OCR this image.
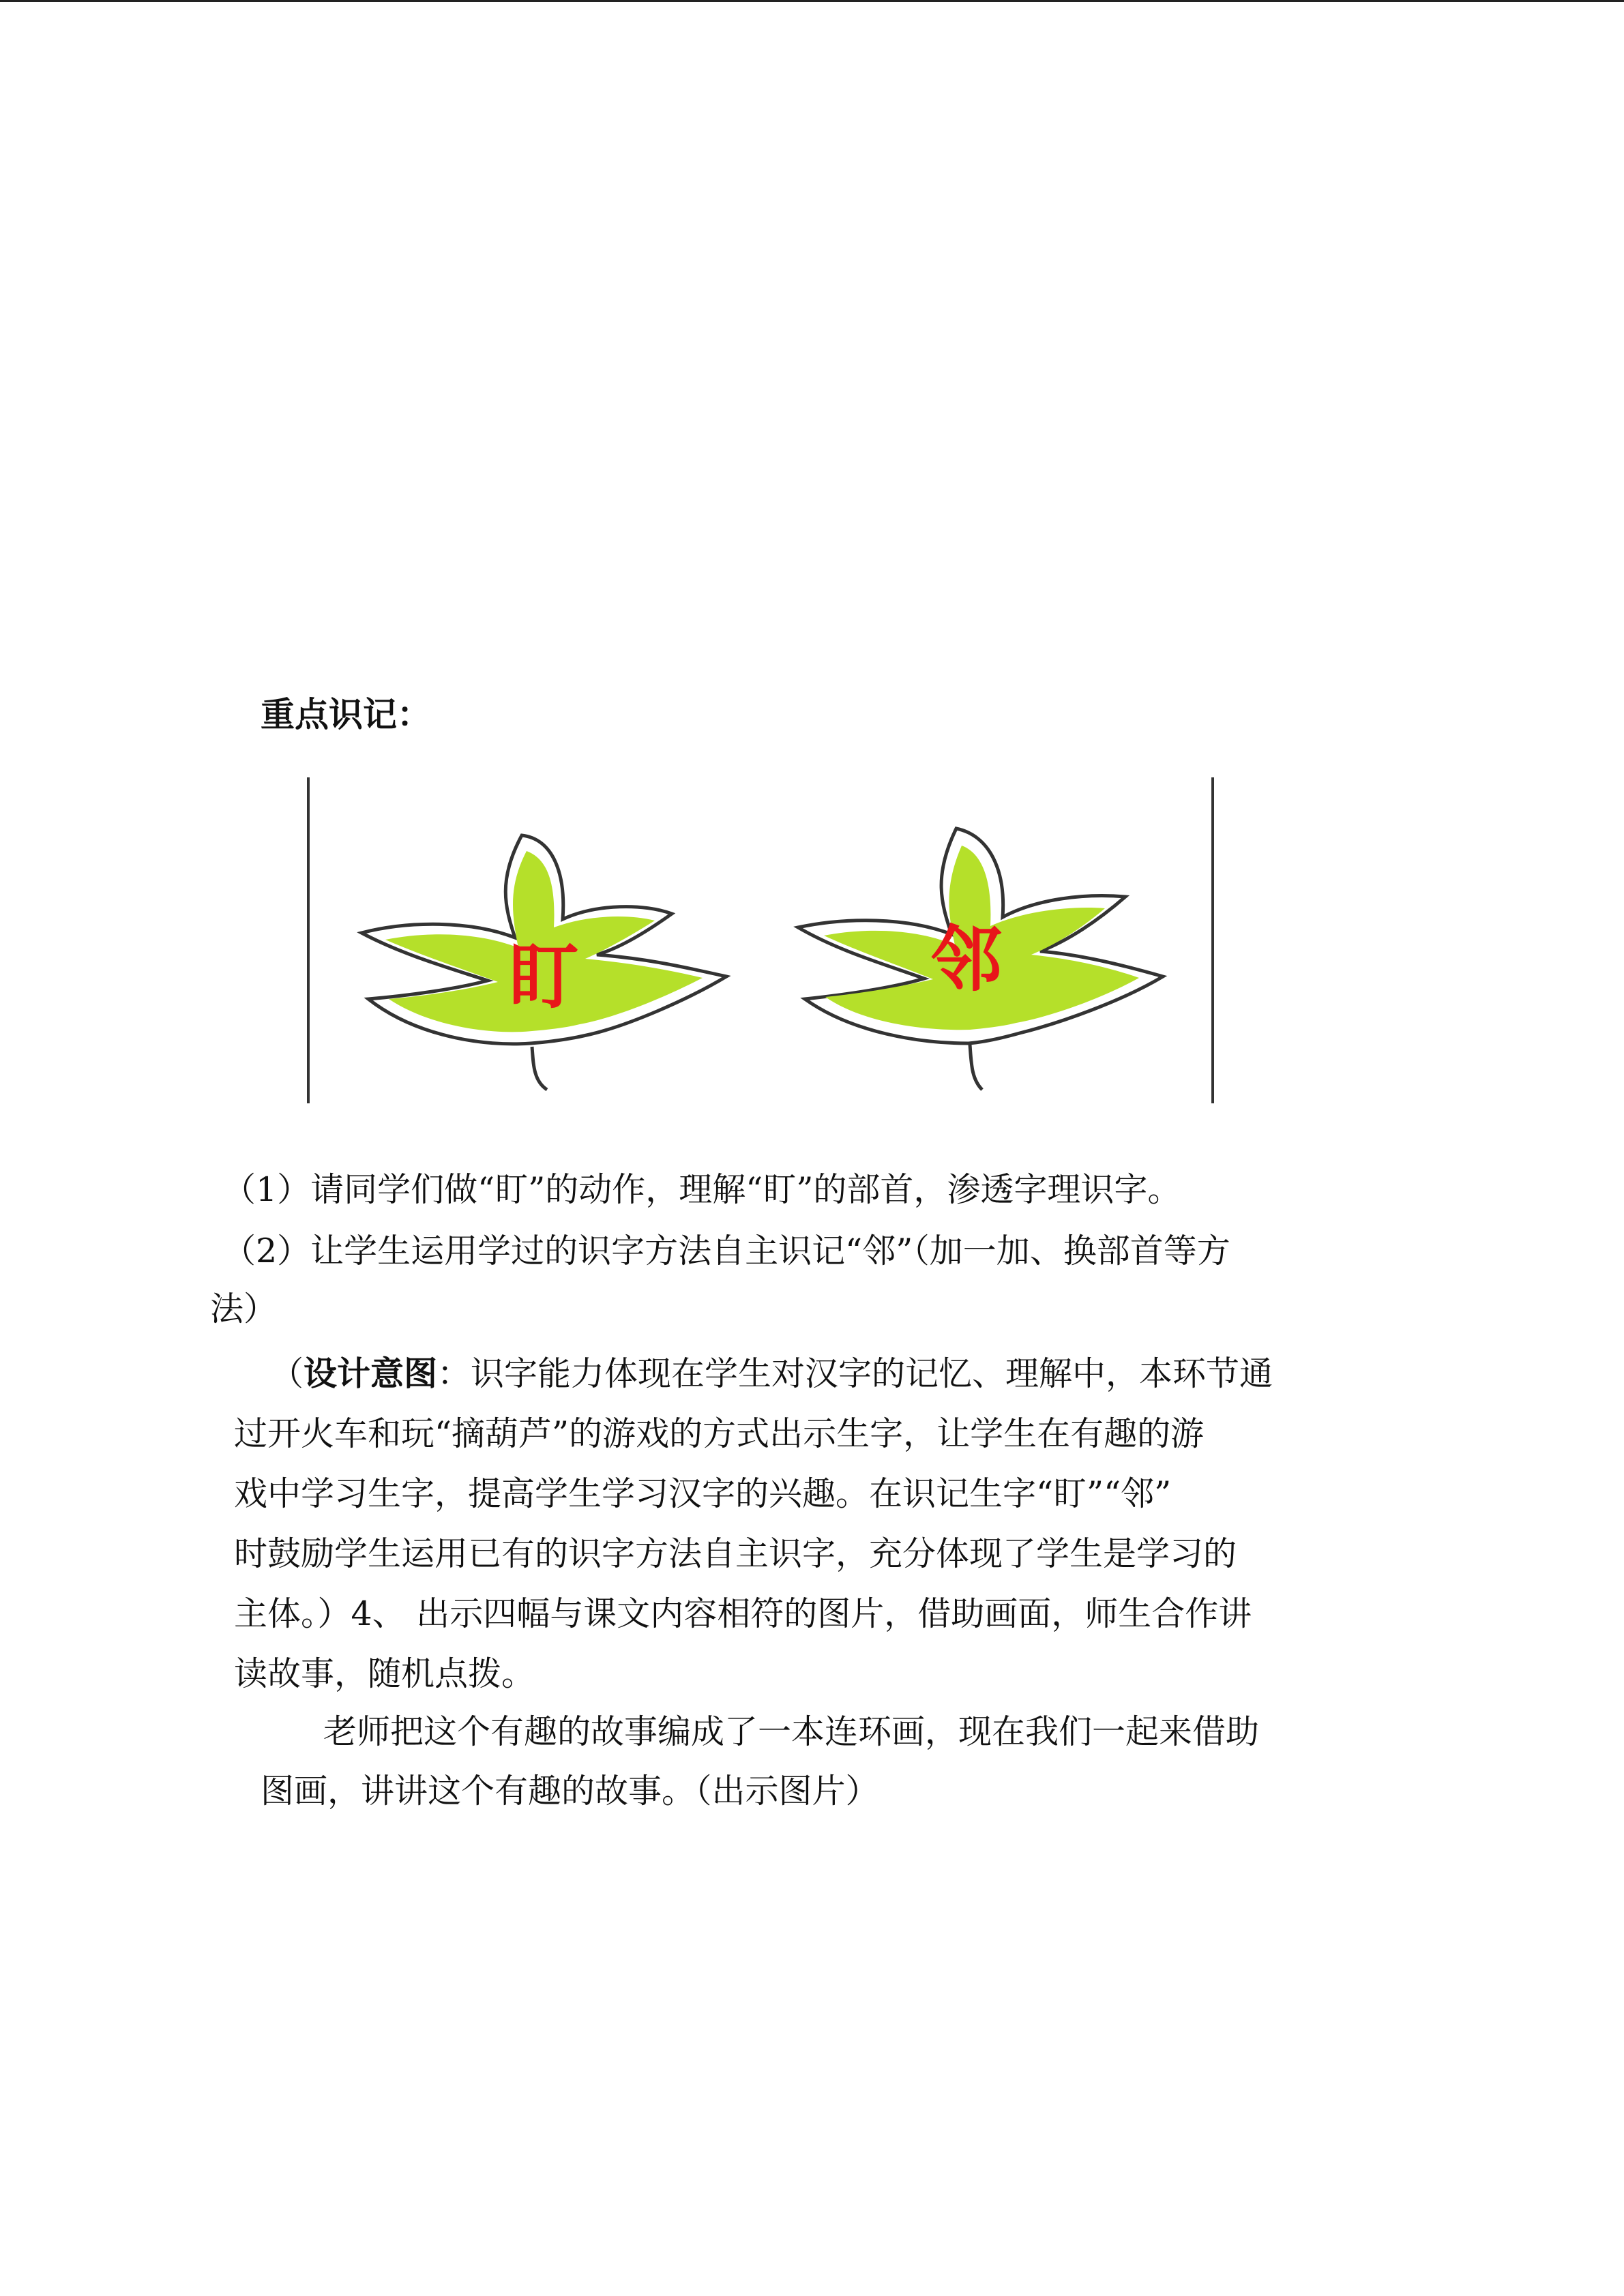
重点识记：
盯	邻
（1）请同学们做“盯”的动作，理解“盯”的部首，渗透字理识字。
（2）让学生运用学过的识字方法自主识记“邻”（加一加、换部首等方
法）
（设计意图：识字能力体现在学生对汉字的记忆、理解中，本环节通
过开火车和玩“摘葫芦”的游戏的方式出示生字，让学生在有趣的游
戏中学习生字，提高学生学习汉字的兴趣。在识记生字“盯”“邻”
时鼓励学生运用已有的识字方法自主识字，充分体现了学生是学习的
主体。）4、 出示四幅与课文内容相符的图片，借助画面，师生合作讲
读故事，随机点拨。
老师把这个有趣的故事编成了一本连环画，现在我们一起来借助
图画，讲讲这个有趣的故事。（出示图片）
